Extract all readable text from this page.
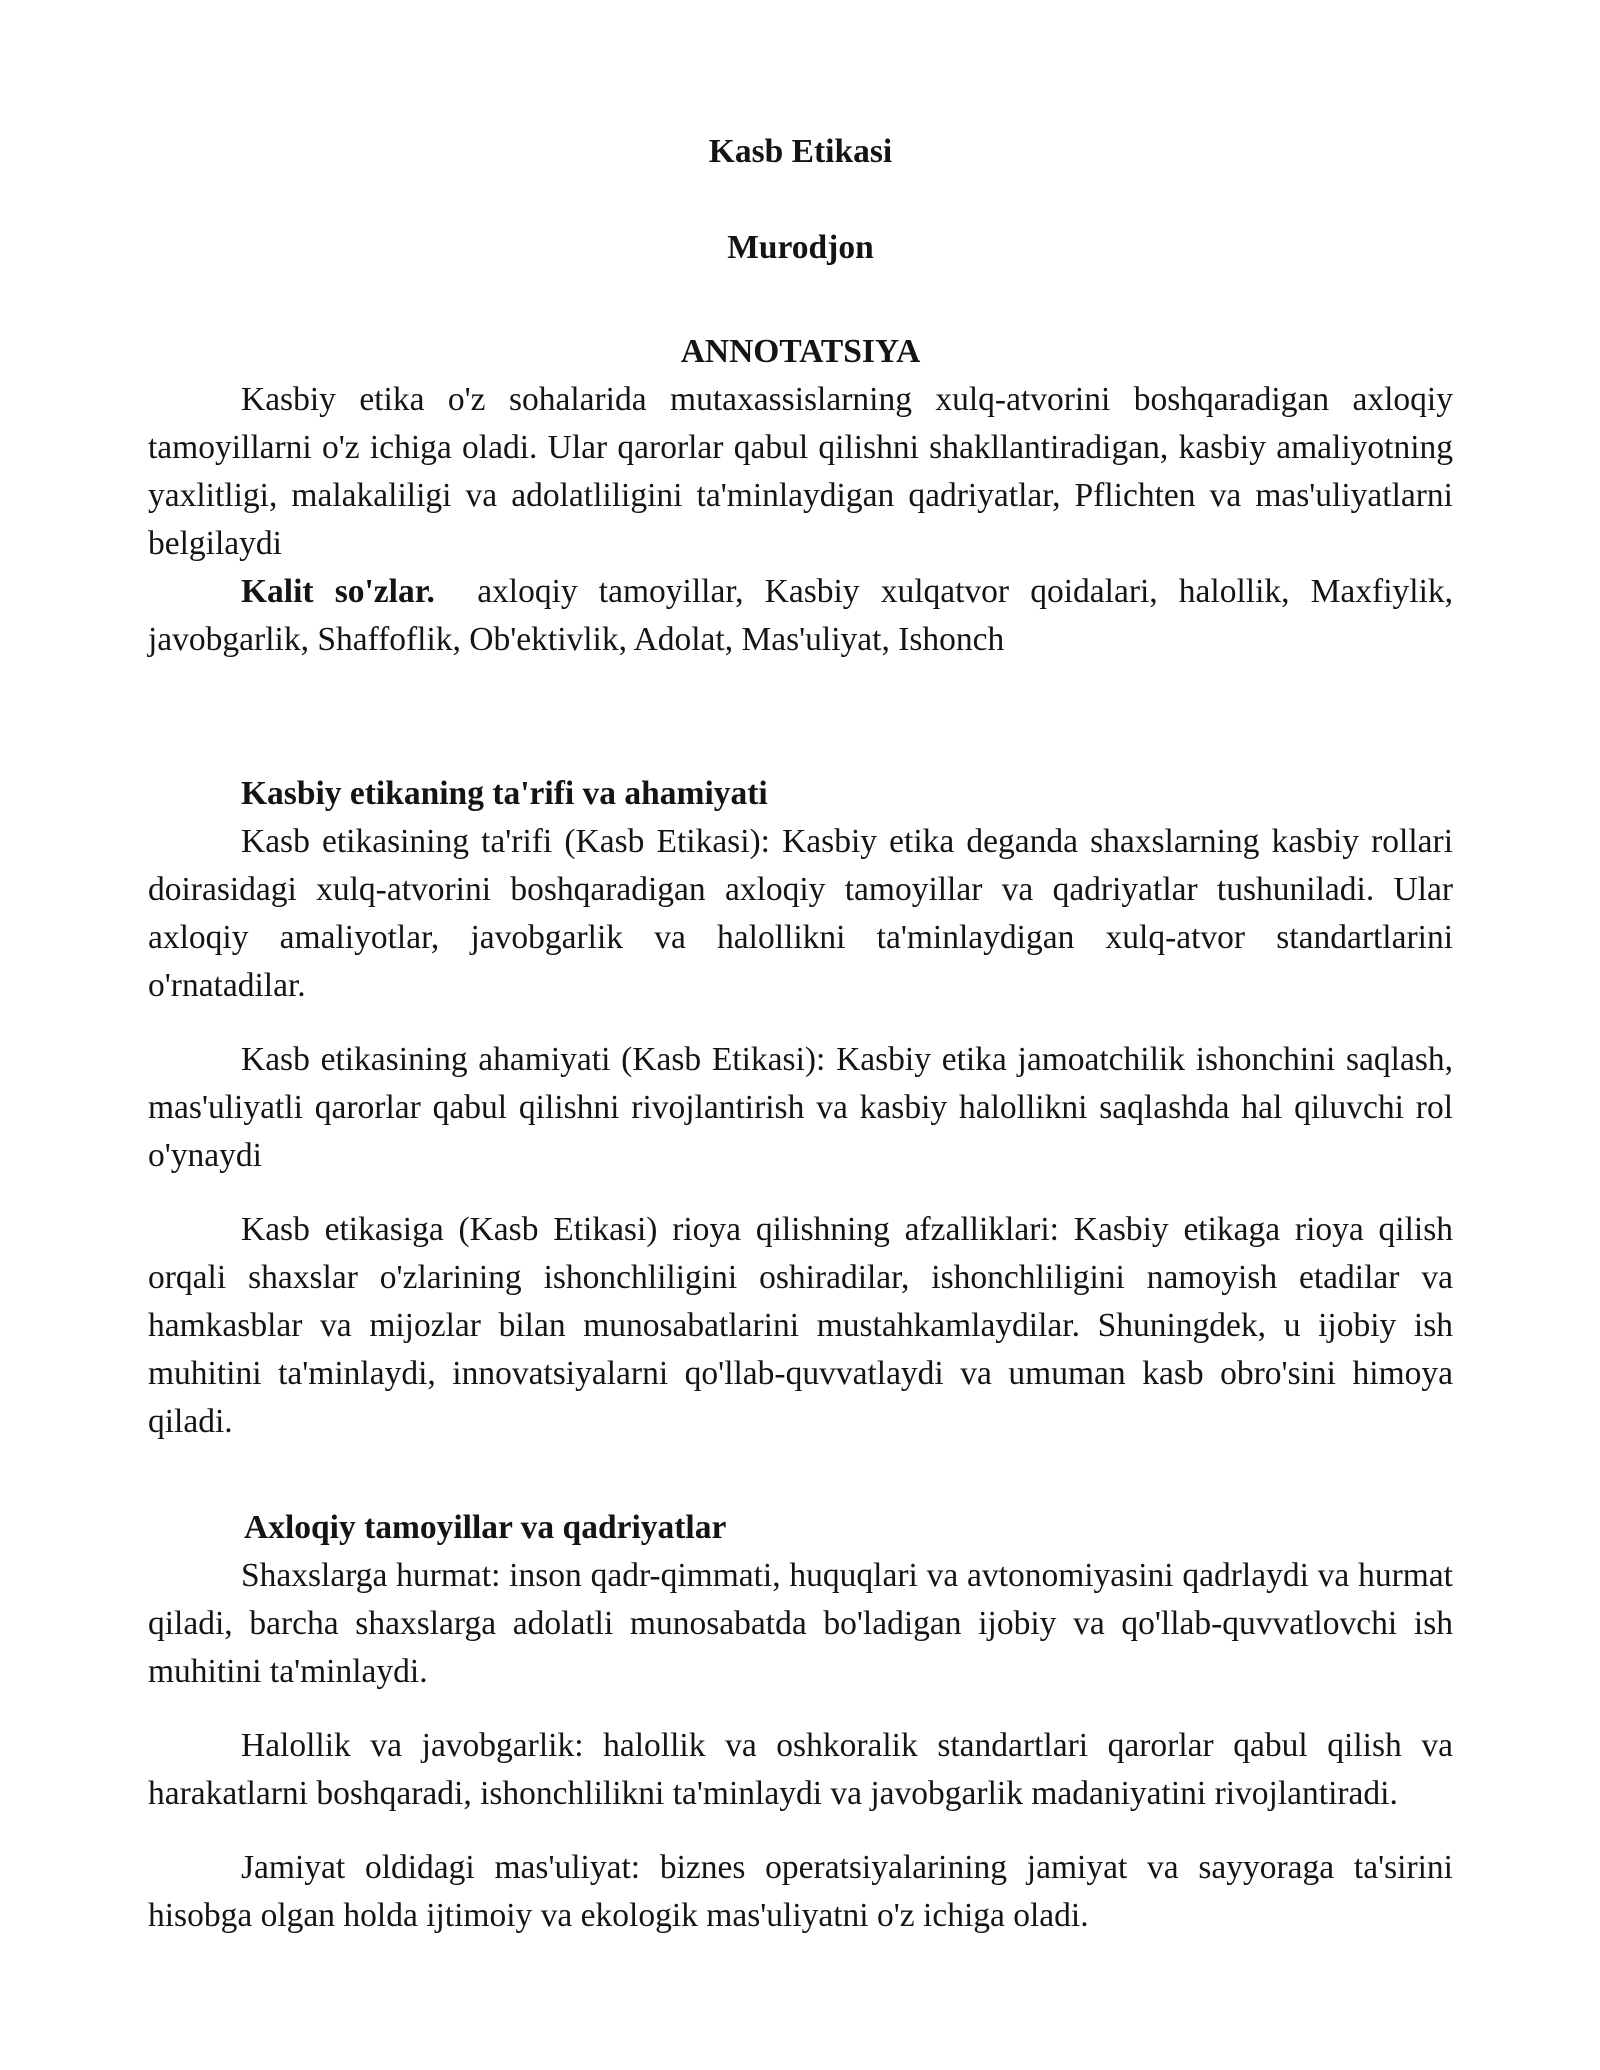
Kasb Etikasi
Murodjon
ANNOTATSIYA

Kasbiy etika o'z sohalarida mutaxassislarning xulq-atvorini boshqaradigan axloqiy tamoyillarni o'z ichiga oladi. Ular qarorlar qabul qilishni shakllantiradigan, kasbiy amaliyotning yaxlitligi, malakaliligi va adolatliligini ta'minlaydigan qadriyatlar, Pflichten va mas'uliyatlarni belgilaydi

Kalit so'zlar. axloqiy tamoyillar, Kasbiy xulqatvor qoidalari, halollik, Maxfiylik, javobgarlik, Shaffoflik, Ob'ektivlik, Adolat, Mas'uliyat, Ishonch

Kasbiy etikaning ta'rifi va ahamiyati

Kasb etikasining ta'rifi (Kasb Etikasi): Kasbiy etika deganda shaxslarning kasbiy rollari doirasidagi xulq-atvorini boshqaradigan axloqiy tamoyillar va qadriyatlar tushuniladi. Ular axloqiy amaliyotlar, javobgarlik va halollikni ta'minlaydigan xulq-atvor standartlarini o'rnatadilar.

Kasb etikasining ahamiyati (Kasb Etikasi): Kasbiy etika jamoatchilik ishonchini saqlash, mas'uliyatli qarorlar qabul qilishni rivojlantirish va kasbiy halollikni saqlashda hal qiluvchi rol o'ynaydi

Kasb etikasiga (Kasb Etikasi) rioya qilishning afzalliklari: Kasbiy etikaga rioya qilish orqali shaxslar o'zlarining ishonchliligini oshiradilar, ishonchliligini namoyish etadilar va hamkasblar va mijozlar bilan munosabatlarini mustahkamlaydilar. Shuningdek, u ijobiy ish muhitini ta'minlaydi, innovatsiyalarni qo'llab-quvvatlaydi va umuman kasb obro'sini himoya qiladi.

Axloqiy tamoyillar va qadriyatlar

Shaxslarga hurmat: inson qadr-qimmati, huquqlari va avtonomiyasini qadrlaydi va hurmat qiladi, barcha shaxslarga adolatli munosabatda bo'ladigan ijobiy va qo'llab-quvvatlovchi ish muhitini ta'minlaydi.

Halollik va javobgarlik: halollik va oshkoralik standartlari qarorlar qabul qilish va harakatlarni boshqaradi, ishonchlilikni ta'minlaydi va javobgarlik madaniyatini rivojlantiradi.

Jamiyat oldidagi mas'uliyat: biznes operatsiyalarining jamiyat va sayyoraga ta'sirini hisobga olgan holda ijtimoiy va ekologik mas'uliyatni o'z ichiga oladi.
